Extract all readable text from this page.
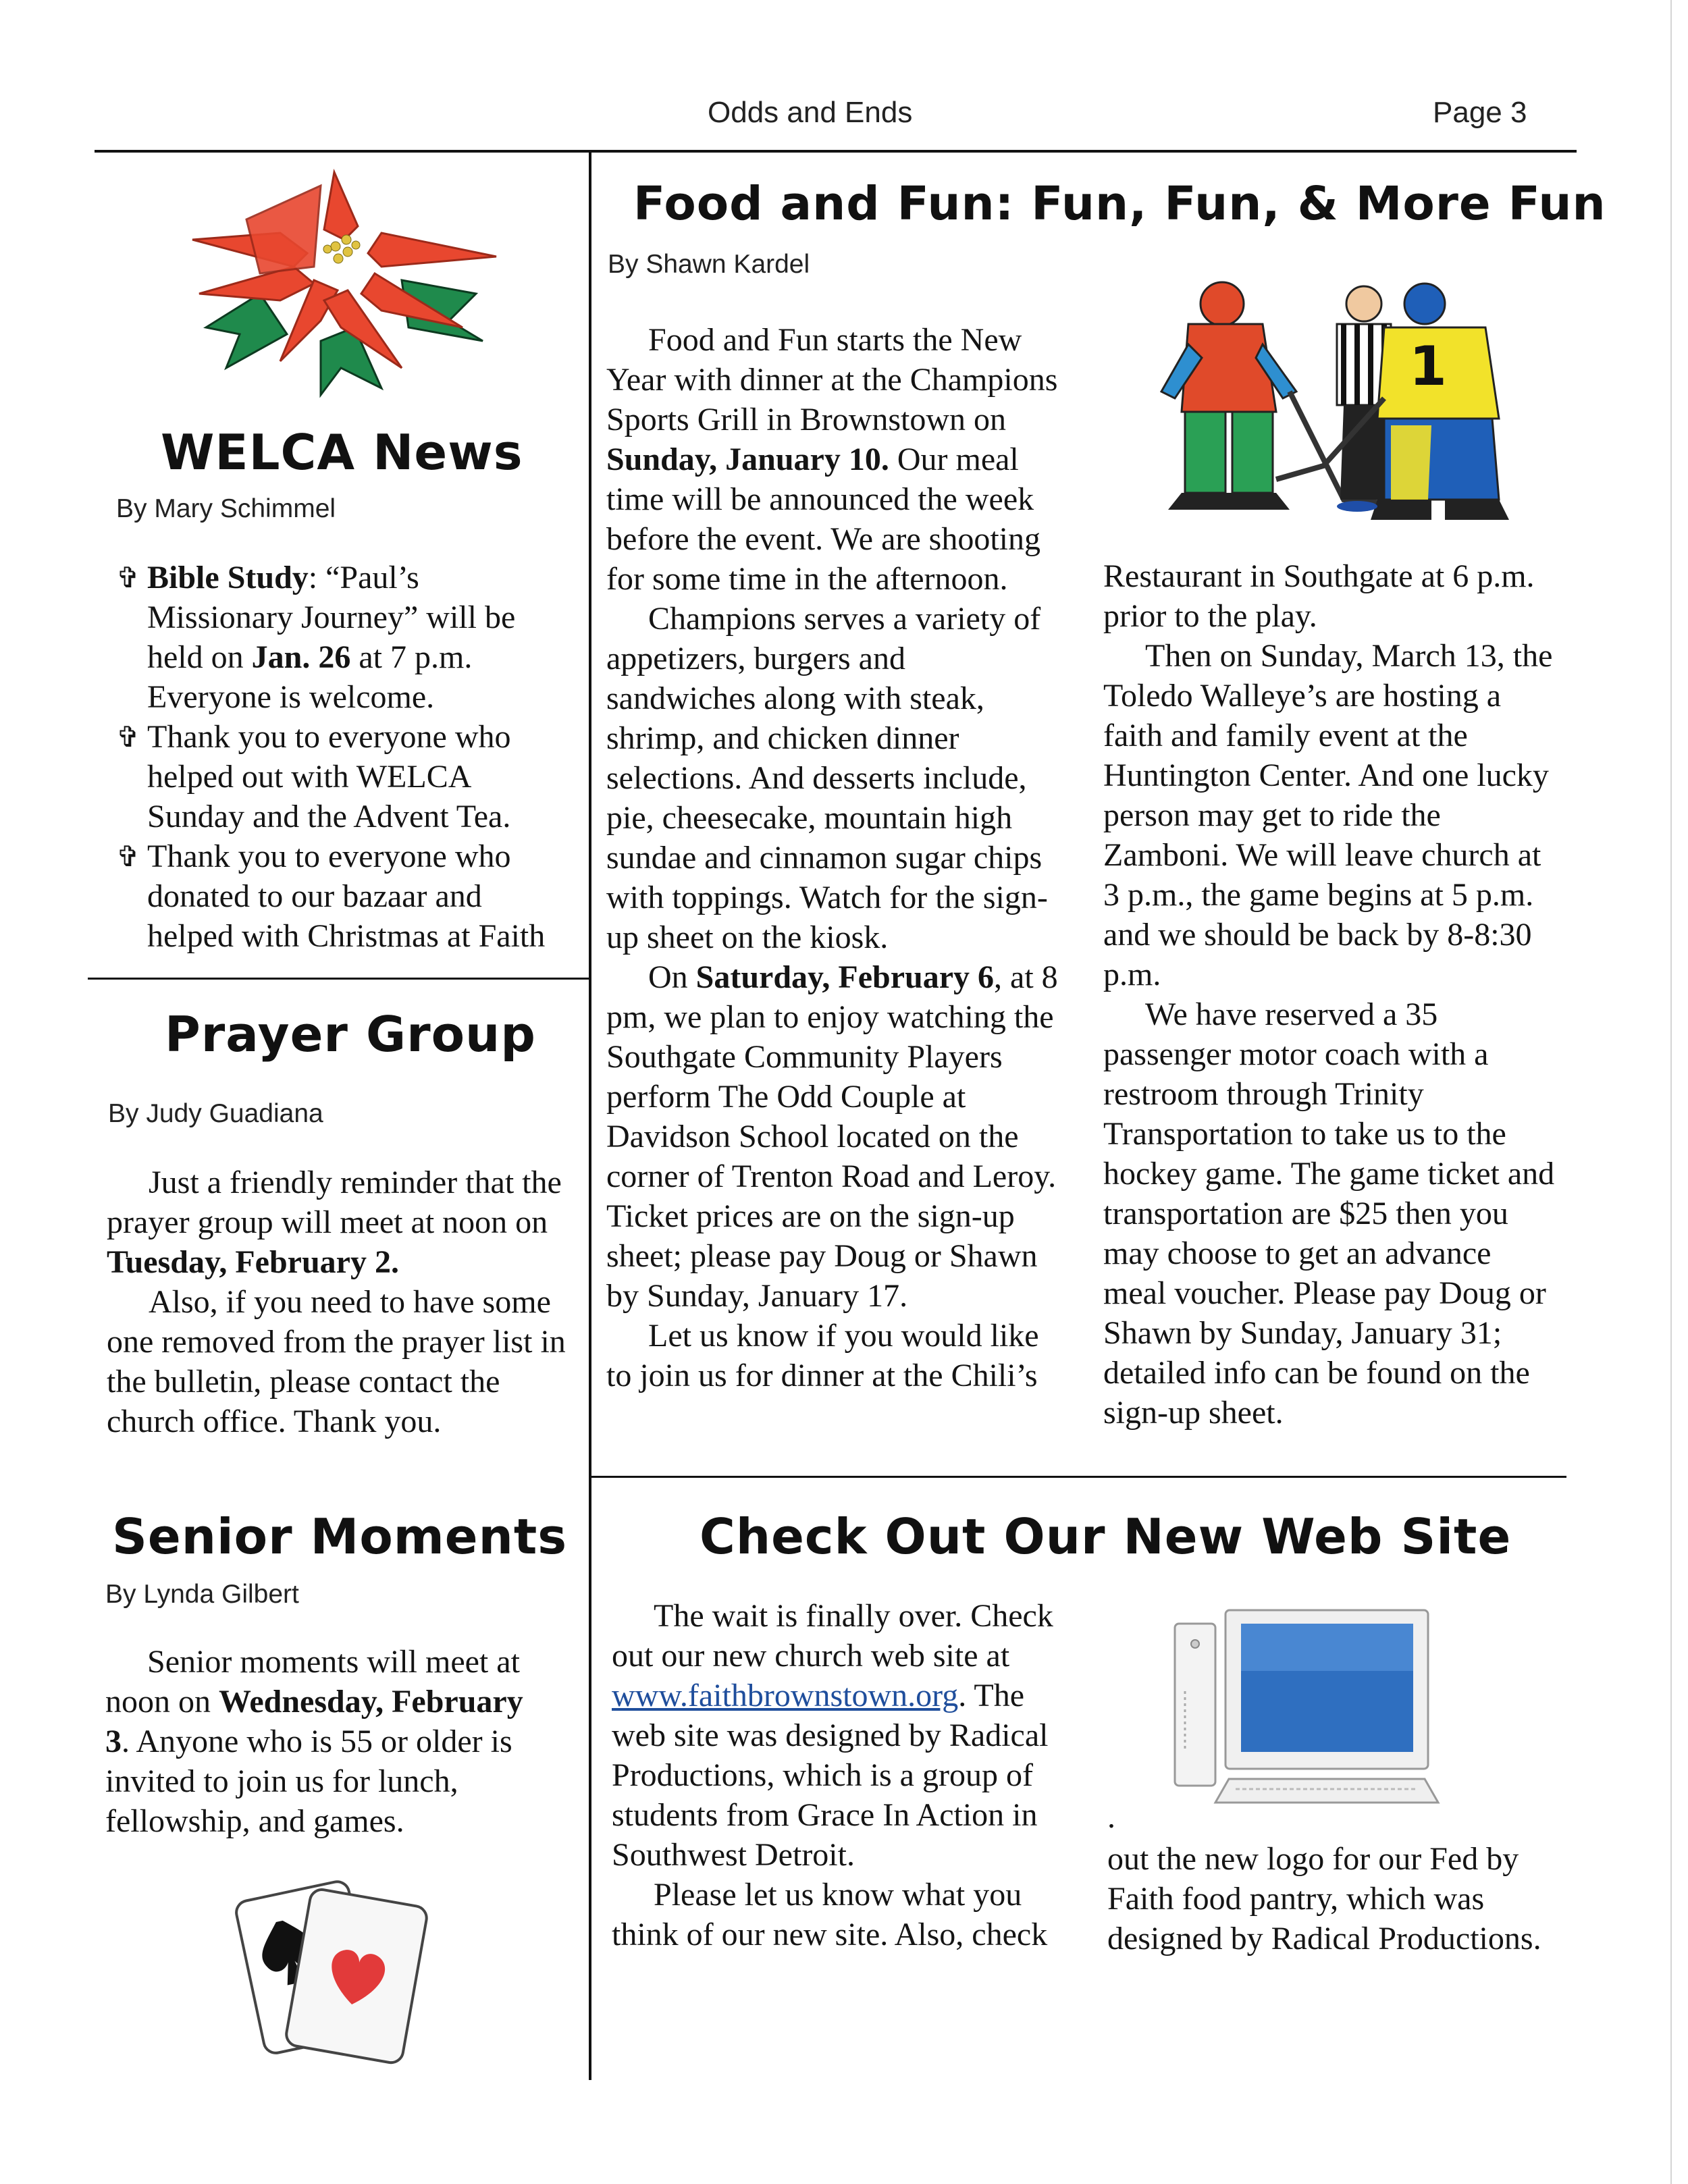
Odds and Ends	Page 3
WELCA News
By Mary Schimmel
✞ Bible Study: “Paul’s Missionary Journey” will be held on Jan. 26 at 7 p.m. Everyone is welcome.
✞ Thank you to everyone who helped out with WELCA Sunday and the Advent Tea.
✞ Thank you to everyone who donated to our bazaar and helped with Christmas at Faith
Prayer Group
By Judy Guadiana

Just a friendly reminder that the prayer group will meet at noon on Tuesday, February 2.

Also, if you need to have some one removed from the prayer list in the bulletin, please contact the church office. Thank you.

Senior Moments
By Lynda Gilbert

Senior moments will meet at noon on Wednesday, February 3. Anyone who is 55 or older is invited to join us for lunch, fellowship, and games.

Food and Fun: Fun, Fun, & More Fun
By Shawn Kardel

Food and Fun starts the New Year with dinner at the Champions Sports Grill in Brownstown on Sunday, January 10. Our meal time will be announced the week before the event. We are shooting for some time in the afternoon.

Champions serves a variety of appetizers, burgers and sandwiches along with steak, shrimp, and chicken dinner selections. And desserts include, pie, cheesecake, mountain high sundae and cinnamon sugar chips with toppings. Watch for the sign-up sheet on the kiosk.

On Saturday, February 6, at 8 pm, we plan to enjoy watching the Southgate Community Players perform The Odd Couple at Davidson School located on the corner of Trenton Road and Leroy. Ticket prices are on the sign-up sheet; please pay Doug or Shawn by Sunday, January 17.

Let us know if you would like to join us for dinner at the Chili’s

1

Restaurant in Southgate at 6 p.m. prior to the play.

Then on Sunday, March 13, the Toledo Walleye’s are hosting a faith and family event at the Huntington Center. And one lucky person may get to ride the Zamboni. We will leave church at 3 p.m., the game begins at 5 p.m. and we should be back by 8-8:30 p.m.

We have reserved a 35 passenger motor coach with a restroom through Trinity Transportation to take us to the hockey game. The game ticket and transportation are $25 then you may choose to get an advance meal voucher. Please pay Doug or Shawn by Sunday, January 31; detailed info can be found on the sign-up sheet.

Check Out Our New Web Site

The wait is finally over. Check out our new church web site at www.faithbrownstown.org. The web site was designed by Radical Productions, which is a group of students from Grace In Action in Southwest Detroit.

Please let us know what you think of our new site. Also, check

.

out the new logo for our Fed by Faith food pantry, which was designed by Radical Productions.
